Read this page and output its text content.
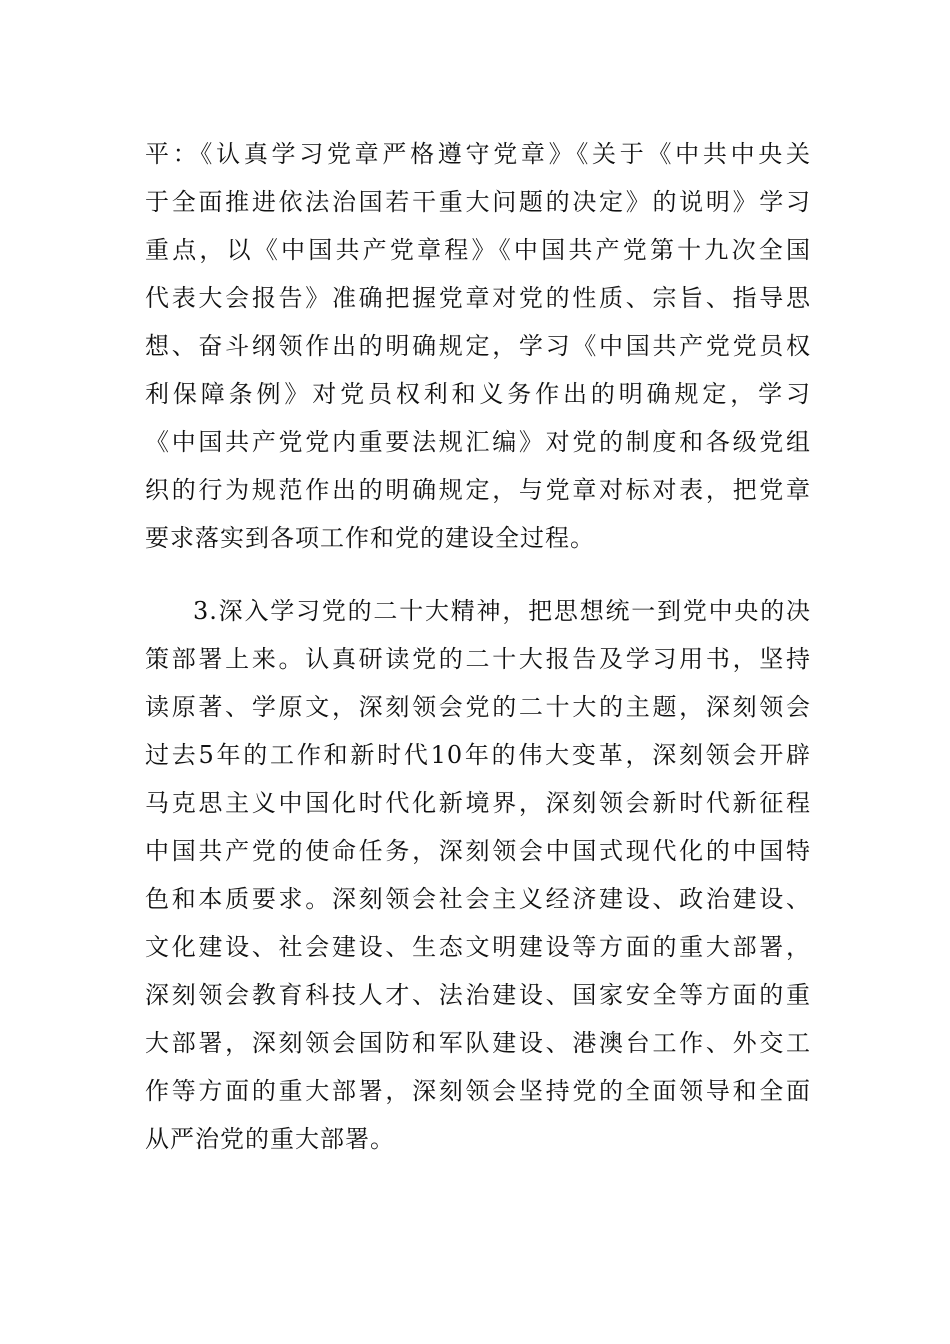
平：《认真学习党章严格遵守党章》《关于《中共中央关
于全面推进依法治国若干重大问题的决定》的说明》学习
重点，以《中国共产党章程》《中国共产党第十九次全国
代表大会报告》准确把握党章对党的性质、宗旨、指导思
想、奋斗纲领作出的明确规定，学习《中国共产党党员权
利保障条例》对党员权利和义务作出的明确规定，学习
《中国共产党党内重要法规汇编》对党的制度和各级党组
织的行为规范作出的明确规定，与党章对标对表，把党章
要求落实到各项工作和党的建设全过程。
3.深入学习党的二十大精神，把思想统一到党中央的决
策部署上来。认真研读党的二十大报告及学习用书，坚持
读原著、学原文，深刻领会党的二十大的主题，深刻领会
过去5年的工作和新时代10年的伟大变革，深刻领会开辟
马克思主义中国化时代化新境界，深刻领会新时代新征程
中国共产党的使命任务，深刻领会中国式现代化的中国特
色和本质要求。深刻领会社会主义经济建设、政治建设、
文化建设、社会建设、生态文明建设等方面的重大部署，
深刻领会教育科技人才、法治建设、国家安全等方面的重
大部署，深刻领会国防和军队建设、港澳台工作、外交工
作等方面的重大部署，深刻领会坚持党的全面领导和全面
从严治党的重大部署。
